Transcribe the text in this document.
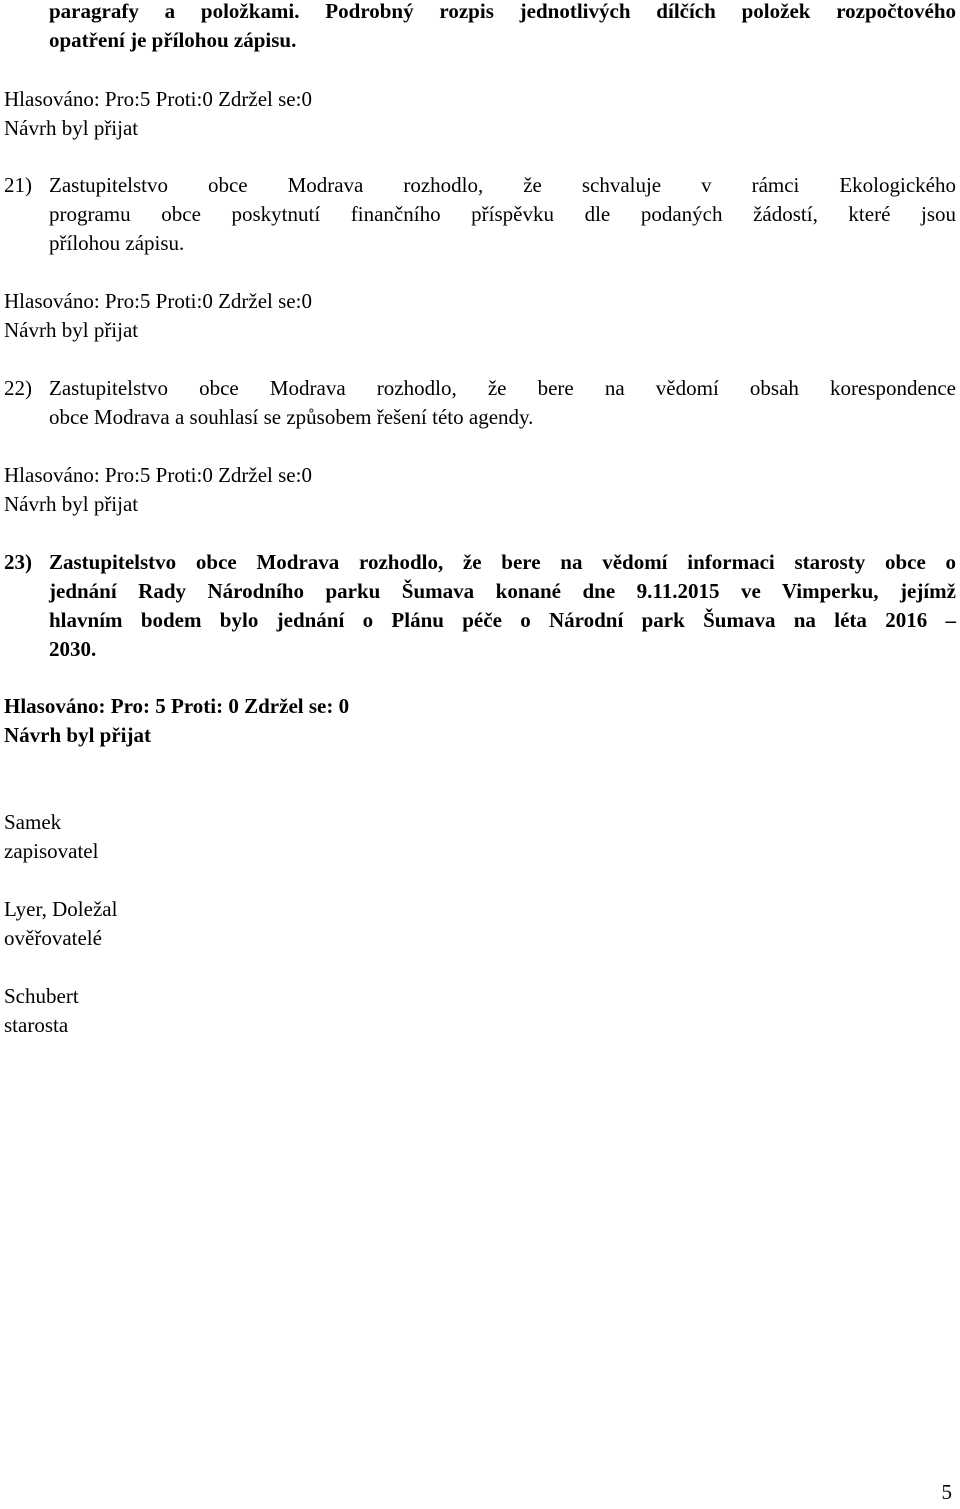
paragrafy a položkami. Podrobný rozpis jednotlivých dílčích položek rozpočtového
opatření je přílohou zápisu.
Hlasováno: Pro:5 Proti:0 Zdržel se:0
Návrh byl přijat
21) Zastupitelstvo obce Modrava rozhodlo, že schvaluje v rámci Ekologického
programu obce poskytnutí finančního příspěvku dle podaných žádostí, které jsou
přílohou zápisu.
Hlasováno: Pro:5 Proti:0 Zdržel se:0
Návrh byl přijat
22) Zastupitelstvo obce Modrava rozhodlo, že bere na vědomí obsah korespondence
obce Modrava a souhlasí se způsobem řešení této agendy.
Hlasováno: Pro:5 Proti:0 Zdržel se:0
Návrh byl přijat
23) Zastupitelstvo obce Modrava rozhodlo, že bere na vědomí informaci starosty obce o
jednání Rady Národního parku Šumava konané dne 9.11.2015 ve Vimperku, jejímž
hlavním bodem bylo jednání o Plánu péče o Národní park Šumava na léta 2016 –
2030.
Hlasováno: Pro: 5 Proti: 0 Zdržel se: 0
Návrh byl přijat
Samek
zapisovatel
Lyer, Doležal
ověřovatelé
Schubert
starosta
5
